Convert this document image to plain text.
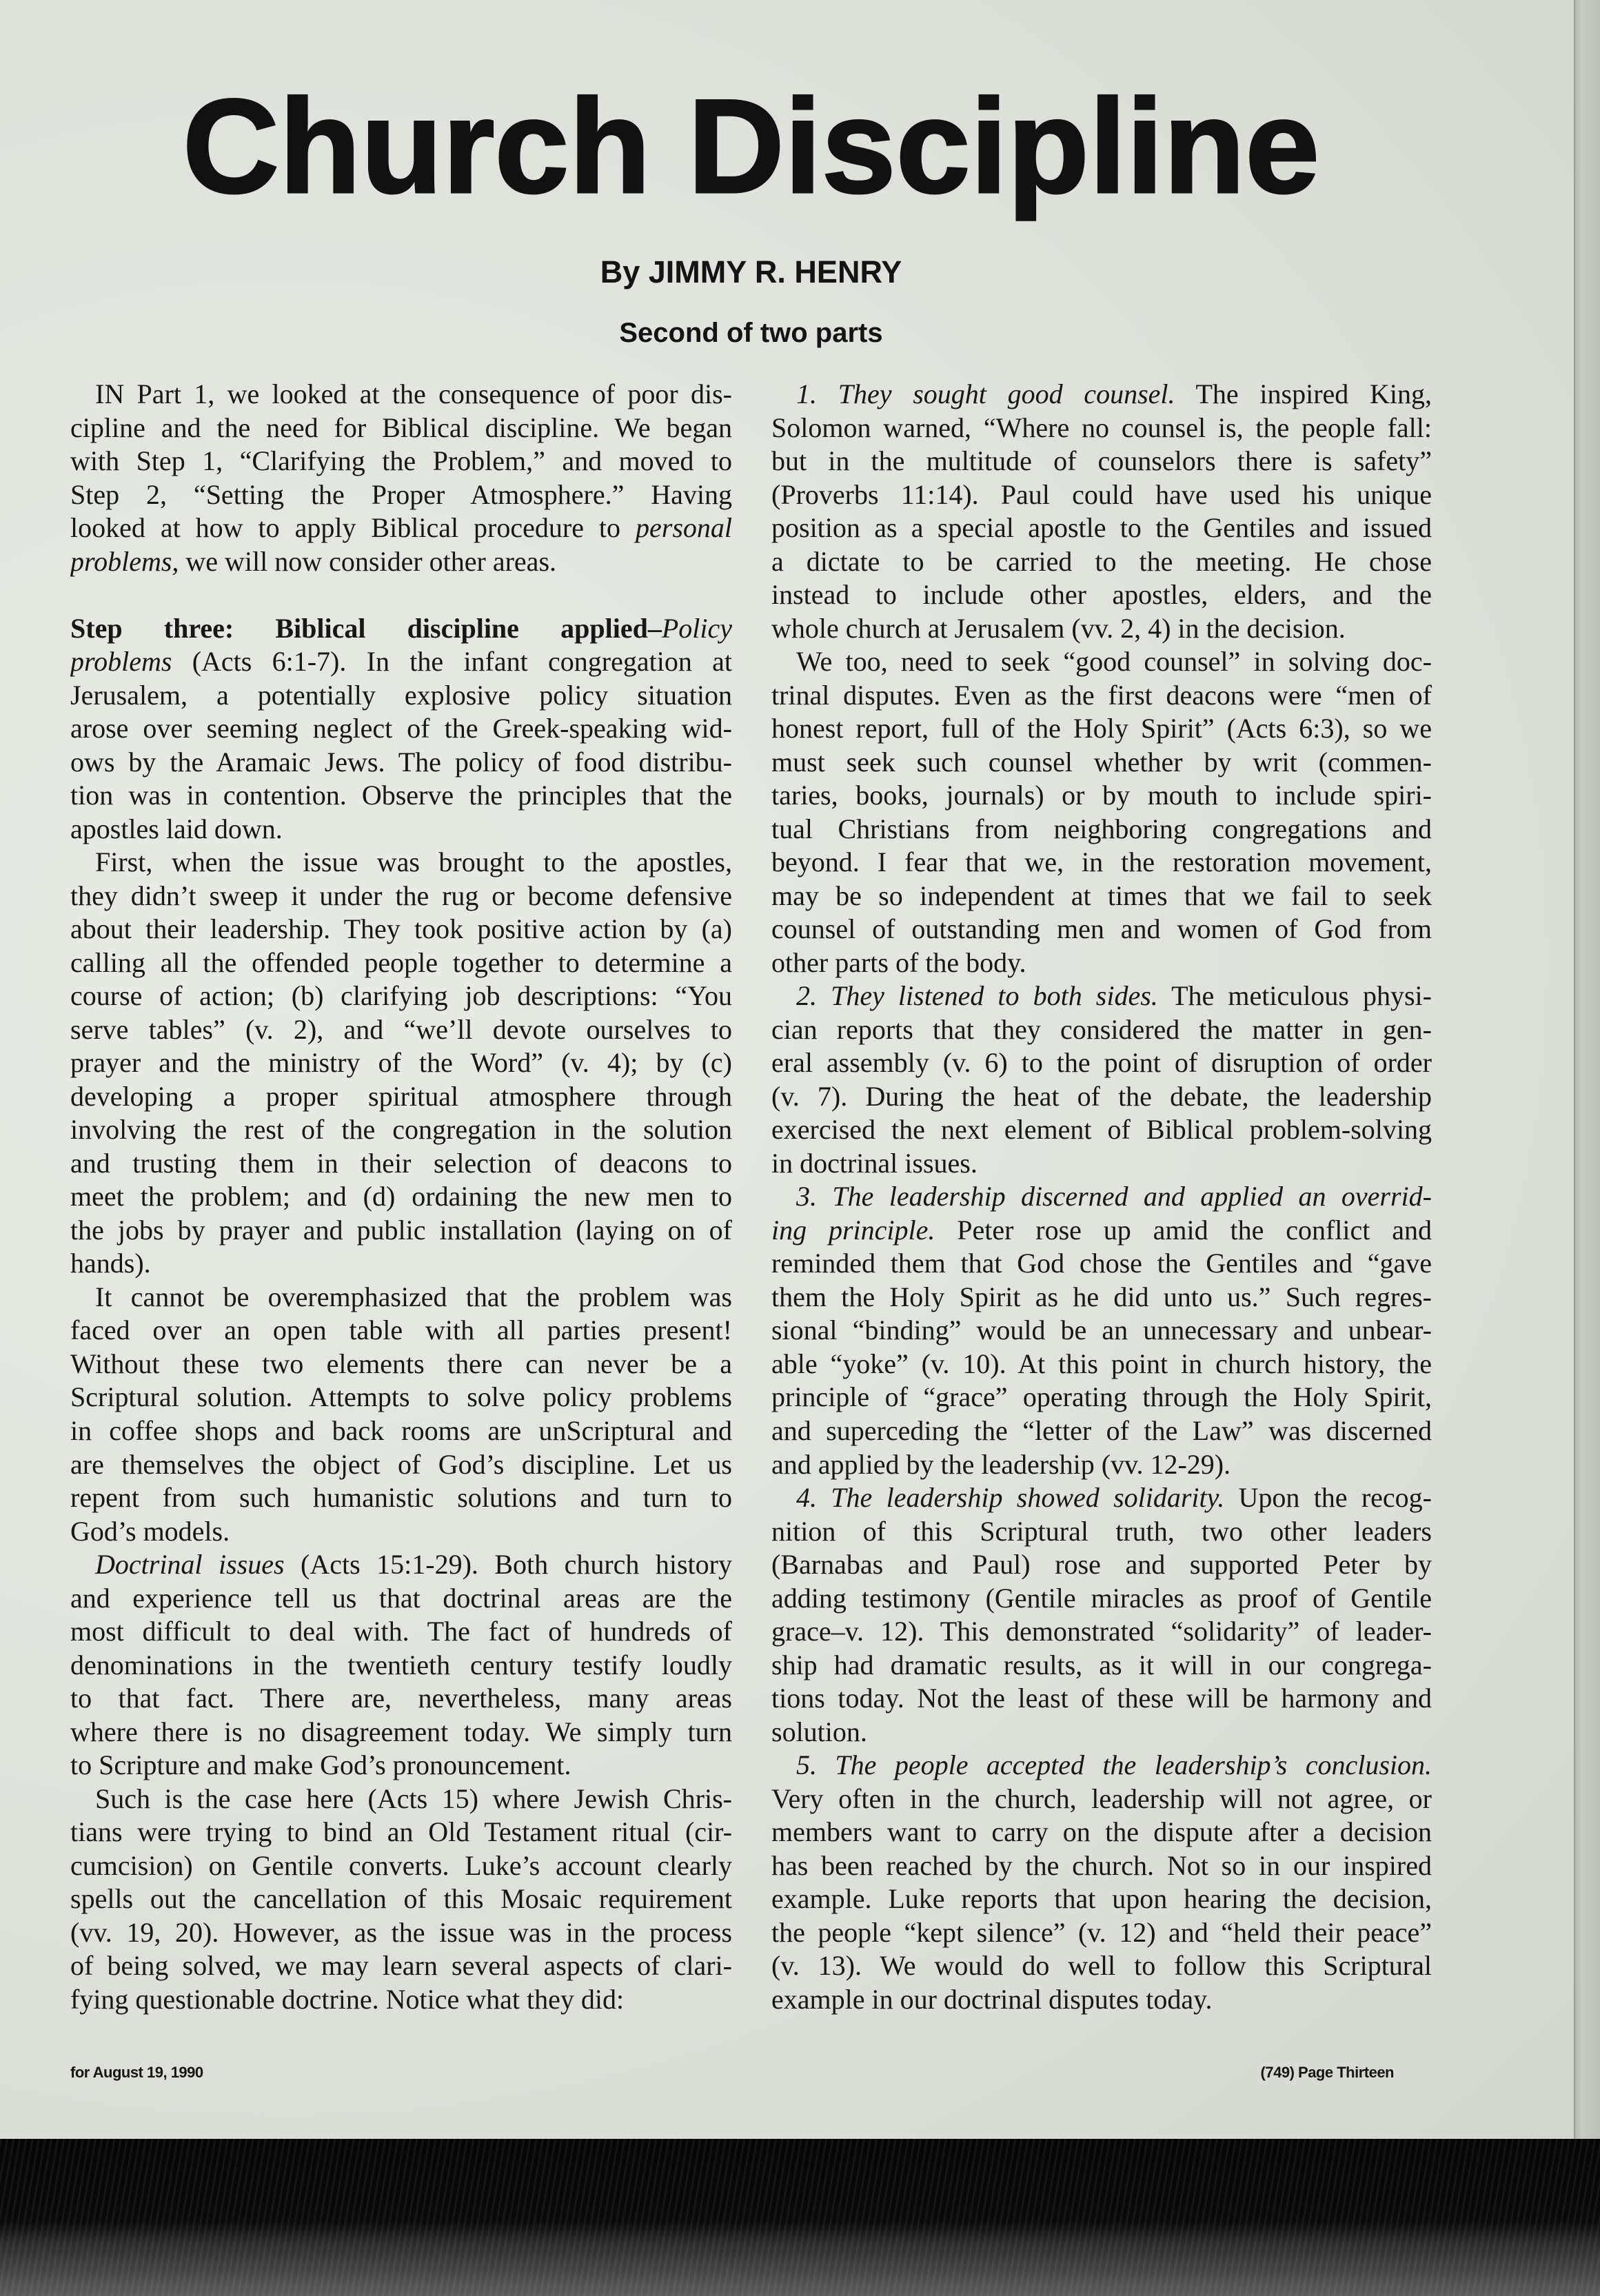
Church Discipline
By JIMMY R. HENRY
Second of two parts
IN Part 1, we looked at the consequence of poor dis-
cipline and the need for Biblical discipline. We began
with Step 1, “Clarifying the Problem,” and moved to
Step 2, “Setting the Proper Atmosphere.” Having
looked at how to apply Biblical procedure to personal
problems, we will now consider other areas.
Step three: Biblical discipline applied–Policy
problems (Acts 6:1-7). In the infant congregation at
Jerusalem, a potentially explosive policy situation
arose over seeming neglect of the Greek-speaking wid-
ows by the Aramaic Jews. The policy of food distribu-
tion was in contention. Observe the principles that the
apostles laid down.
First, when the issue was brought to the apostles,
they didn’t sweep it under the rug or become defensive
about their leadership. They took positive action by (a)
calling all the offended people together to determine a
course of action; (b) clarifying job descriptions: “You
serve tables” (v. 2), and “we’ll devote ourselves to
prayer and the ministry of the Word” (v. 4); by (c)
developing a proper spiritual atmosphere through
involving the rest of the congregation in the solution
and trusting them in their selection of deacons to
meet the problem; and (d) ordaining the new men to
the jobs by prayer and public installation (laying on of
hands).
It cannot be overemphasized that the problem was
faced over an open table with all parties present!
Without these two elements there can never be a
Scriptural solution. Attempts to solve policy problems
in coffee shops and back rooms are unScriptural and
are themselves the object of God’s discipline. Let us
repent from such humanistic solutions and turn to
God’s models.
Doctrinal issues (Acts 15:1-29). Both church history
and experience tell us that doctrinal areas are the
most difficult to deal with. The fact of hundreds of
denominations in the twentieth century testify loudly
to that fact. There are, nevertheless, many areas
where there is no disagreement today. We simply turn
to Scripture and make God’s pronouncement.
Such is the case here (Acts 15) where Jewish Chris-
tians were trying to bind an Old Testament ritual (cir-
cumcision) on Gentile converts. Luke’s account clearly
spells out the cancellation of this Mosaic requirement
(vv. 19, 20). However, as the issue was in the process
of being solved, we may learn several aspects of clari-
fying questionable doctrine. Notice what they did:
1. They sought good counsel. The inspired King,
Solomon warned, “Where no counsel is, the people fall:
but in the multitude of counselors there is safety”
(Proverbs 11:14). Paul could have used his unique
position as a special apostle to the Gentiles and issued
a dictate to be carried to the meeting. He chose
instead to include other apostles, elders, and the
whole church at Jerusalem (vv. 2, 4) in the decision.
We too, need to seek “good counsel” in solving doc-
trinal disputes. Even as the first deacons were “men of
honest report, full of the Holy Spirit” (Acts 6:3), so we
must seek such counsel whether by writ (commen-
taries, books, journals) or by mouth to include spiri-
tual Christians from neighboring congregations and
beyond. I fear that we, in the restoration movement,
may be so independent at times that we fail to seek
counsel of outstanding men and women of God from
other parts of the body.
2. They listened to both sides. The meticulous physi-
cian reports that they considered the matter in gen-
eral assembly (v. 6) to the point of disruption of order
(v. 7). During the heat of the debate, the leadership
exercised the next element of Biblical problem-solving
in doctrinal issues.
3. The leadership discerned and applied an overrid-
ing principle. Peter rose up amid the conflict and
reminded them that God chose the Gentiles and “gave
them the Holy Spirit as he did unto us.” Such regres-
sional “binding” would be an unnecessary and unbear-
able “yoke” (v. 10). At this point in church history, the
principle of “grace” operating through the Holy Spirit,
and superceding the “letter of the Law” was discerned
and applied by the leadership (vv. 12-29).
4. The leadership showed solidarity. Upon the recog-
nition of this Scriptural truth, two other leaders
(Barnabas and Paul) rose and supported Peter by
adding testimony (Gentile miracles as proof of Gentile
grace–v. 12). This demonstrated “solidarity” of leader-
ship had dramatic results, as it will in our congrega-
tions today. Not the least of these will be harmony and
solution.
5. The people accepted the leadership’s conclusion.
Very often in the church, leadership will not agree, or
members want to carry on the dispute after a decision
has been reached by the church. Not so in our inspired
example. Luke reports that upon hearing the decision,
the people “kept silence” (v. 12) and “held their peace”
(v. 13). We would do well to follow this Scriptural
example in our doctrinal disputes today.
for August 19, 1990	(749) Page Thirteen
